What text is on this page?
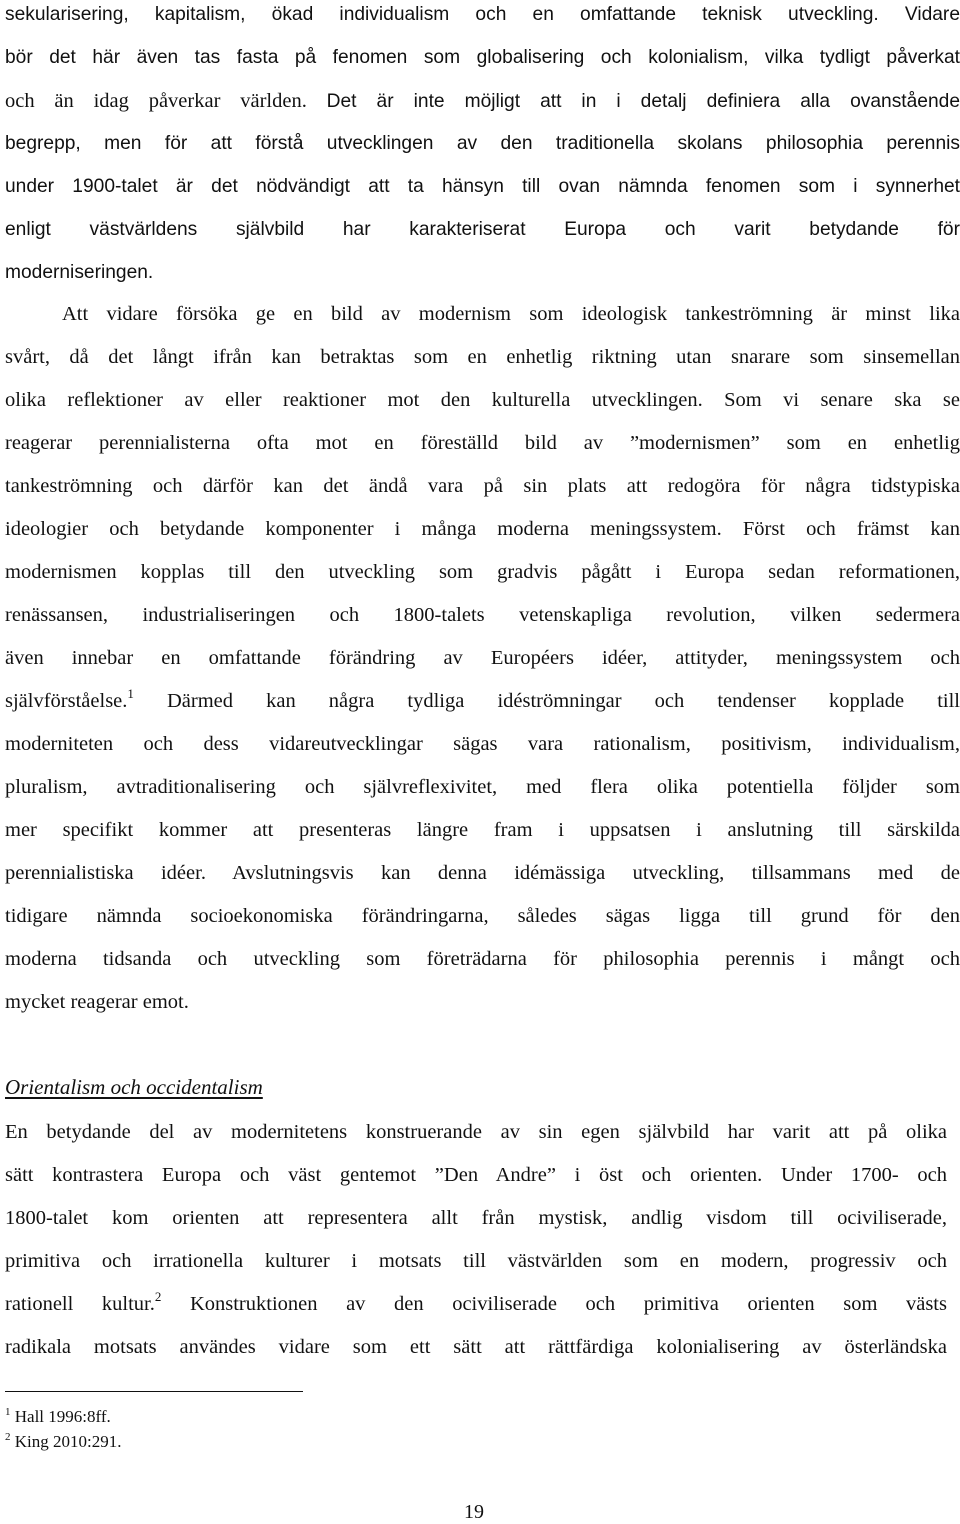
sekularisering, kapitalism, ökad individualism och en omfattande teknisk utveckling. Vidare
bör det här även tas fasta på fenomen som globalisering och kolonialism, vilka tydligt påverkat
och än idag påverkar världen. Det är inte möjligt att in i detalj definiera alla ovanstående
begrepp, men för att förstå utvecklingen av den traditionella skolans philosophia perennis
under 1900-talet är det nödvändigt att ta hänsyn till ovan nämnda fenomen som i synnerhet
enligt västvärldens självbild har karakteriserat Europa och varit betydande för
moderniseringen.
Att vidare försöka ge en bild av modernism som ideologisk tankeströmning är minst lika
svårt, då det långt ifrån kan betraktas som en enhetlig riktning utan snarare som sinsemellan
olika reflektioner av eller reaktioner mot den kulturella utvecklingen. Som vi senare ska se
reagerar perennialisterna ofta mot en föreställd bild av ”modernismen” som en enhetlig
tankeströmning och därför kan det ändå vara på sin plats att redogöra för några tidstypiska
ideologier och betydande komponenter i många moderna meningssystem. Först och främst kan
modernismen kopplas till den utveckling som gradvis pågått i Europa sedan reformationen,
renässansen, industrialiseringen och 1800-talets vetenskapliga revolution, vilken sedermera
även innebar en omfattande förändring av Européers idéer, attityder, meningssystem och
självförståelse.$^1$ Därmed kan några tydliga idéströmningar och tendenser kopplade till
moderniteten och dess vidareutvecklingar sägas vara rationalism, positivism, individualism,
pluralism, avtraditionalisering och självreflexivitet, med flera olika potentiella följder som
mer specifikt kommer att presenteras längre fram i uppsatsen i anslutning till särskilda
perennialistiska idéer. Avslutningsvis kan denna idémässiga utveckling, tillsammans med de
tidigare nämnda socioekonomiska förändringarna, således sägas ligga till grund för den
moderna tidsanda och utveckling som företrädarna för philosophia perennis i mångt och
mycket reagerar emot.
Orientalism och occidentalism
En betydande del av modernitetens konstruerande av sin egen självbild har varit att på olika
sätt kontrastera Europa och väst gentemot ”Den Andre” i öst och orienten. Under 1700- och
1800-talet kom orienten att representera allt från mystisk, andlig visdom till ociviliserade,
primitiva och irrationella kulturer i motsats till västvärlden som en modern, progressiv och
rationell kultur.$^2$ Konstruktionen av den ociviliserade och primitiva orienten som västs
radikala motsats användes vidare som ett sätt att rättfärdiga kolonialisering av österländska
$^1$ Hall 1996:8ff.
$^2$ King 2010:291.
19
